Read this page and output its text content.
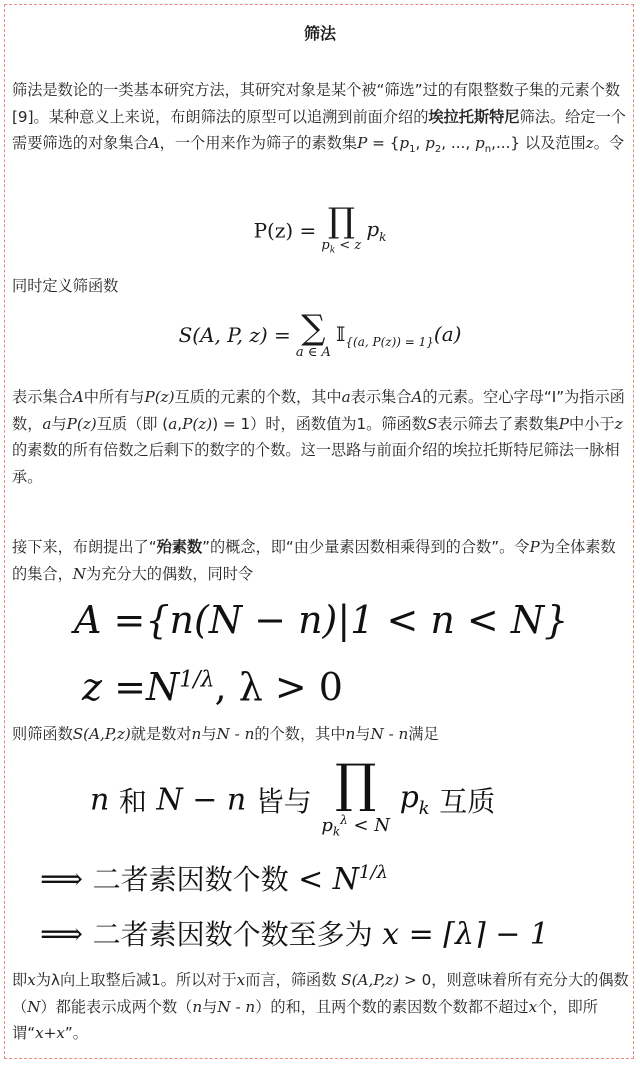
筛法

筛法是数论的一类基本研究方法，其研究对象是某个被“筛选”过的有限整数子集的元素个数[9]。某种意义上来说，布朗筛法的原型可以追溯到前面介绍的埃拉托斯特尼筛法。给定一个需要筛选的对象集合A，一个用来作为筛子的素数集$P = \{p_1$, $p_2$, ..., $p_n$,...} 以及范围z。令

P(z) = ∏
$p_k < z$
$p_k$

同时定义筛函数

S(A, P, z) = ∑
a ∈ A
𝕀$_{\{(a, P(z)) = 1\}}$(a)

表示集合A中所有与P(z)互质的元素的个数，其中a表示集合A的元素。空心字母“I”为指示函数，a与P(z)互质（即 (a,P(z)) = 1）时，函数值为1。筛函数S表示筛去了素数集P中小于z的素数的所有倍数之后剩下的数字的个数。这一思路与前面介绍的埃拉托斯特尼筛法一脉相承。

接下来，布朗提出了“殆素数”的概念，即“由少量素因数相乘得到的合数”。令P为全体素数的集合，N为充分大的偶数，同时令

A ={n(N − n)|1 < n < N}
$z =N^{1/\lambda}$, λ > 0

则筛函数S(A,P,z)就是数对n与N - n的个数，其中n与N - n满足

n 和 N − n 皆与 ∏
$p_k^\lambda < N$
$p_k$ 互质
⟹ 二者素因数个数 < $N^{1/\lambda}$
⟹ 二者素因数个数至多为 x = ⌈λ⌉ − 1

即x为λ向上取整后减1。所以对于x而言，筛函数 S(A,P,z) > 0，则意味着所有充分大的偶数（N）都能表示成两个数（n与N - n）的和，且两个数的素因数个数都不超过x个，即所谓“x+x”。
